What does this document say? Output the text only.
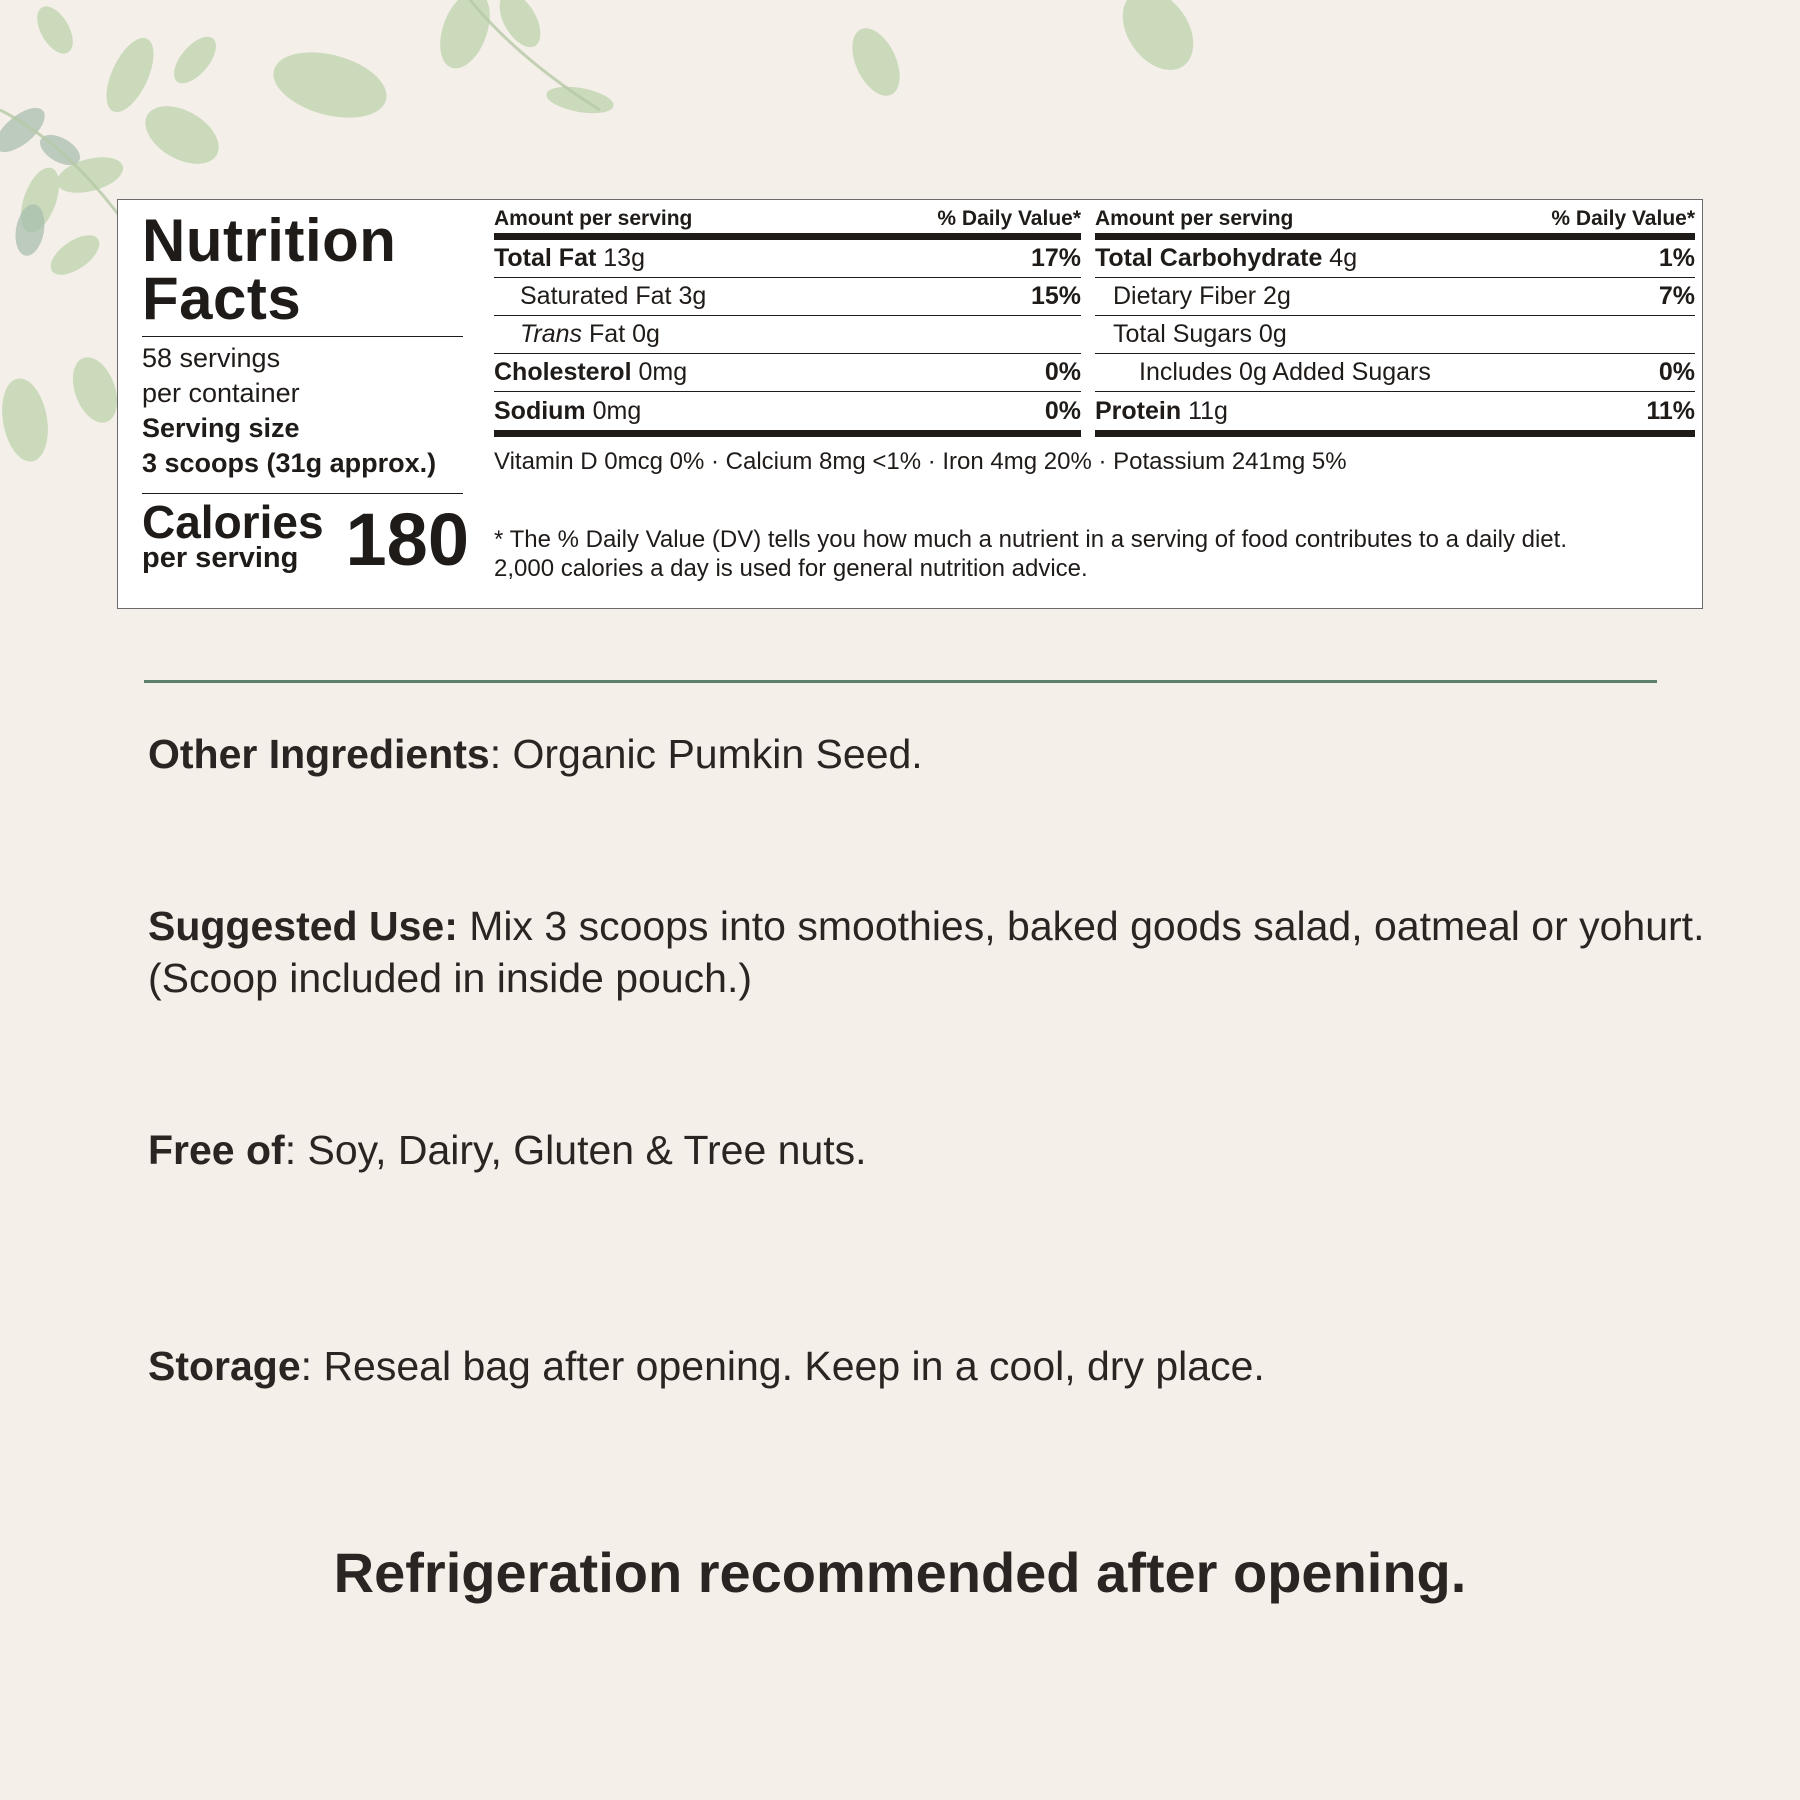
Nutrition
Facts
58 servings
per container
Serving size
3 scoops (31g approx.)
Calories
per serving 180
Amount per serving	% Daily Value*
Total Fat 13g	17%
Saturated Fat 3g	15%
Trans Fat 0g
Cholesterol 0mg	0%
Sodium 0mg	0%
Amount per serving	% Daily Value*
Total Carbohydrate 4g	1%
Dietary Fiber 2g	7%
Total Sugars 0g
Includes 0g Added Sugars	0%
Protein 11g	11%
Vitamin D 0mcg 0% · Calcium 8mg <1% · Iron 4mg 20% · Potassium 241mg 5%
* The % Daily Value (DV) tells you how much a nutrient in a serving of food contributes to a daily diet.
2,000 calories a day is used for general nutrition advice.
Other Ingredients: Organic Pumkin Seed.
Suggested Use: Mix 3 scoops into smoothies, baked goods salad, oatmeal or yohurt. (Scoop included in inside pouch.)
Free of: Soy, Dairy, Gluten & Tree nuts.
Storage: Reseal bag after opening. Keep in a cool, dry place.
Refrigeration recommended after opening.
